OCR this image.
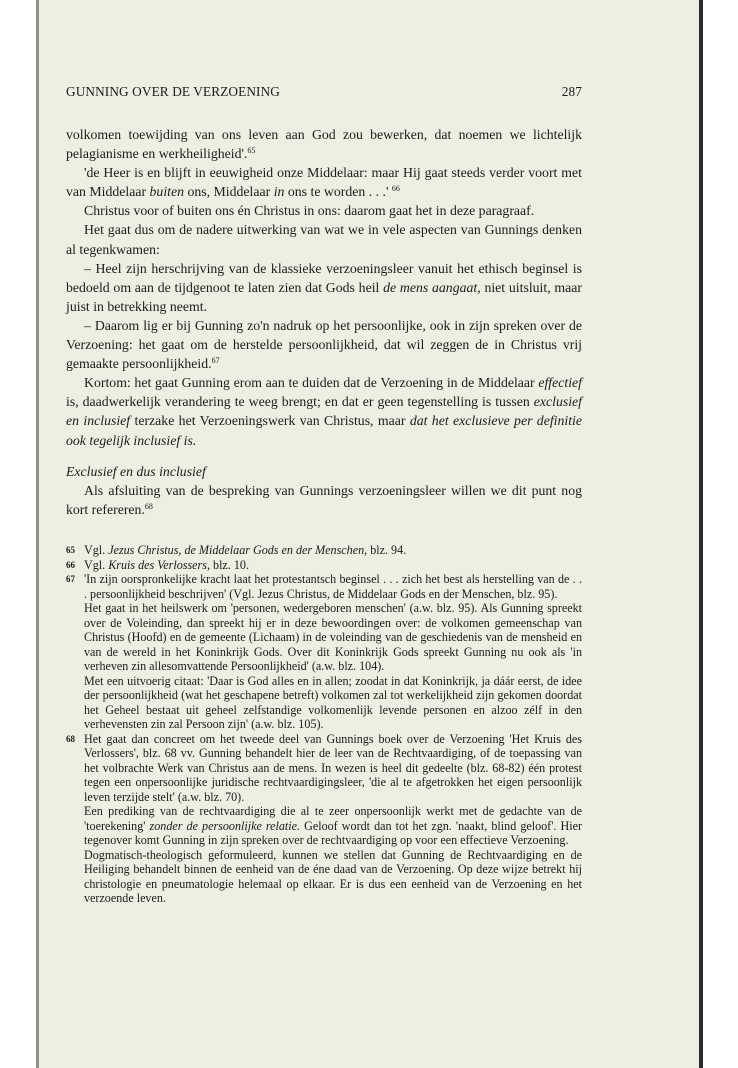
GUNNING OVER DE VERZOENING	287

volkomen toewijding van ons leven aan God zou bewerken, dat noemen we lichtelijk pelagianisme en werkheiligheid'.$^{65}$

'de Heer is en blijft in eeuwigheid onze Middelaar: maar Hij gaat steeds verder voort met van Middelaar buiten ons, Middelaar in ons te worden . . .' $^{66}$

Christus voor of buiten ons én Christus in ons: daarom gaat het in deze paragraaf.

Het gaat dus om de nadere uitwerking van wat we in vele aspecten van Gunnings denken al tegenkwamen:

– Heel zijn herschrijving van de klassieke verzoeningsleer vanuit het ethisch beginsel is bedoeld om aan de tijdgenoot te laten zien dat Gods heil de mens aangaat, niet uitsluit, maar juist in betrekking neemt.

– Daarom lig er bij Gunning zo'n nadruk op het persoonlijke, ook in zijn spreken over de Verzoening: het gaat om de herstelde persoonlijkheid, dat wil zeggen de in Christus vrij gemaakte persoonlijkheid.$^{67}$

Kortom: het gaat Gunning erom aan te duiden dat de Verzoening in de Middelaar effectief is, daadwerkelijk verandering te weeg brengt; en dat er geen tegenstelling is tussen exclusief en inclusief terzake het Verzoeningswerk van Christus, maar dat het exclusieve per definitie ook tegelijk inclusief is.

Exclusief en dus inclusief

Als afsluiting van de bespreking van Gunnings verzoeningsleer willen we dit punt nog kort refereren.$^{68}$

65 Vgl. Jezus Christus, de Middelaar Gods en der Menschen, blz. 94.

66 Vgl. Kruis des Verlossers, blz. 10.

67 'In zijn oorspronkelijke kracht laat het protestantsch beginsel . . . zich het best als herstelling van de . . . persoonlijkheid beschrijven' (Vgl. Jezus Christus, de Middelaar Gods en der Menschen, blz. 95).

Het gaat in het heilswerk om 'personen, wedergeboren menschen' (a.w. blz. 95). Als Gunning spreekt over de Voleinding, dan spreekt hij er in deze bewoordingen over: de volkomen gemeenschap van Christus (Hoofd) en de gemeente (Lichaam) in de voleinding van de geschiedenis van de mensheid en van de wereld in het Koninkrijk Gods. Over dit Koninkrijk Gods spreekt Gunning nu ook als 'in verheven zin allesomvattende Persoonlijkheid' (a.w. blz. 104).

Met een uitvoerig citaat: 'Daar is God alles en in allen; zoodat in dat Koninkrijk, ja dáár eerst, de idee der persoonlijkheid (wat het geschapene betreft) volkomen zal tot werkelijkheid zijn gekomen doordat het Geheel bestaat uit geheel zelfstandige volkomenlijk levende personen en alzoo zélf in den verhevensten zin zal Persoon zijn' (a.w. blz. 105).

68 Het gaat dan concreet om het tweede deel van Gunnings boek over de Verzoening 'Het Kruis des Verlossers', blz. 68 vv. Gunning behandelt hier de leer van de Rechtvaardiging, of de toepassing van het volbrachte Werk van Christus aan de mens. In wezen is heel dit gedeelte (blz. 68-82) één protest tegen een onpersoonlijke juridische rechtvaardigingsleer, 'die al te afgetrokken het eigen persoonlijk leven terzijde stelt' (a.w. blz. 70).

Een prediking van de rechtvaardiging die al te zeer onpersoonlijk werkt met de gedachte van de 'toerekening' zonder de persoonlijke relatie. Geloof wordt dan tot het zgn. 'naakt, blind geloof'. Hier tegenover komt Gunning in zijn spreken over de rechtvaardiging op voor een effectieve Verzoening.

Dogmatisch-theologisch geformuleerd, kunnen we stellen dat Gunning de Rechtvaardiging en de Heiliging behandelt binnen de eenheid van de éne daad van de Verzoening. Op deze wijze betrekt hij christologie en pneumatologie helemaal op elkaar. Er is dus een eenheid van de Verzoening en het verzoende leven.
